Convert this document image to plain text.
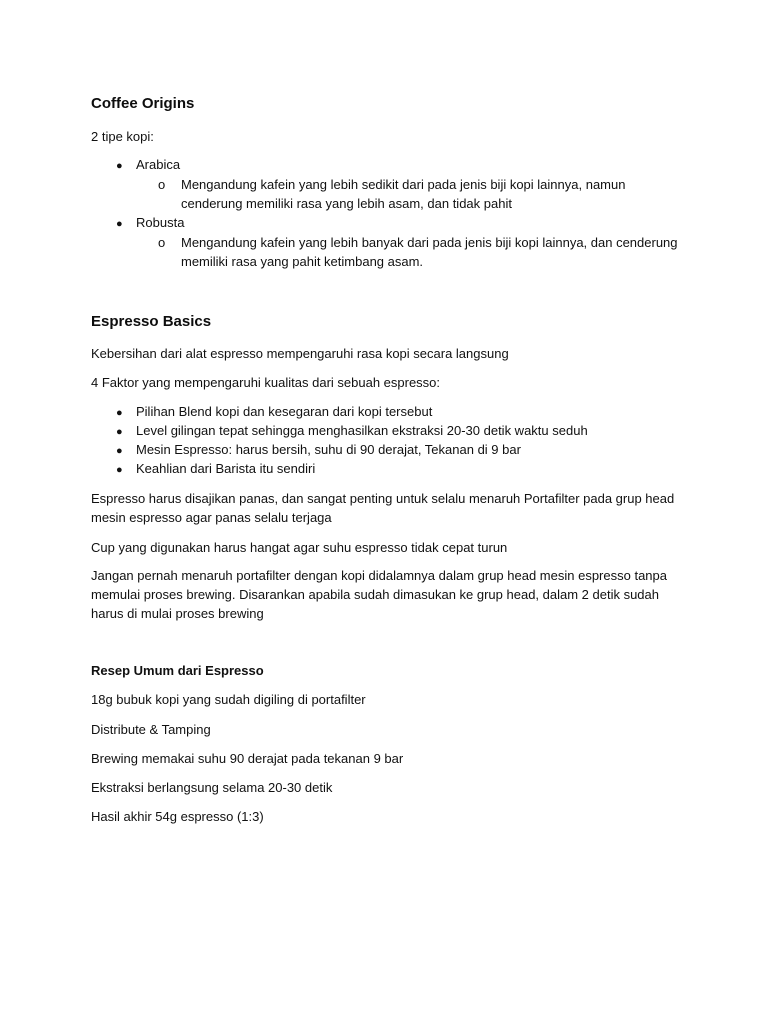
Coffee Origins
2 tipe kopi:
● Arabica
o Mengandung kafein yang lebih sedikit dari pada jenis biji kopi lainnya, namun cenderung memiliki rasa yang lebih asam, dan tidak pahit

● Robusta
o Mengandung kafein yang lebih banyak dari pada jenis biji kopi lainnya, dan cenderung memiliki rasa yang pahit ketimbang asam.

Espresso Basics
Kebersihan dari alat espresso mempengaruhi rasa kopi secara langsung
4 Faktor yang mempengaruhi kualitas dari sebuah espresso:
● Pilihan Blend kopi dan kesegaran dari kopi tersebut
● Level gilingan tepat sehingga menghasilkan ekstraksi 20-30 detik waktu seduh
● Mesin Espresso: harus bersih, suhu di 90 derajat, Tekanan di 9 bar
● Keahlian dari Barista itu sendiri

Espresso harus disajikan panas, dan sangat penting untuk selalu menaruh Portafilter pada grup head mesin espresso agar panas selalu terjaga

Cup yang digunakan harus hangat agar suhu espresso tidak cepat turun

Jangan pernah menaruh portafilter dengan kopi didalamnya dalam grup head mesin espresso tanpa memulai proses brewing. Disarankan apabila sudah dimasukan ke grup head, dalam 2 detik sudah harus di mulai proses brewing

Resep Umum dari Espresso
18g bubuk kopi yang sudah digiling di portafilter
Distribute & Tamping
Brewing memakai suhu 90 derajat pada tekanan 9 bar
Ekstraksi berlangsung selama 20-30 detik
Hasil akhir 54g espresso (1:3)
